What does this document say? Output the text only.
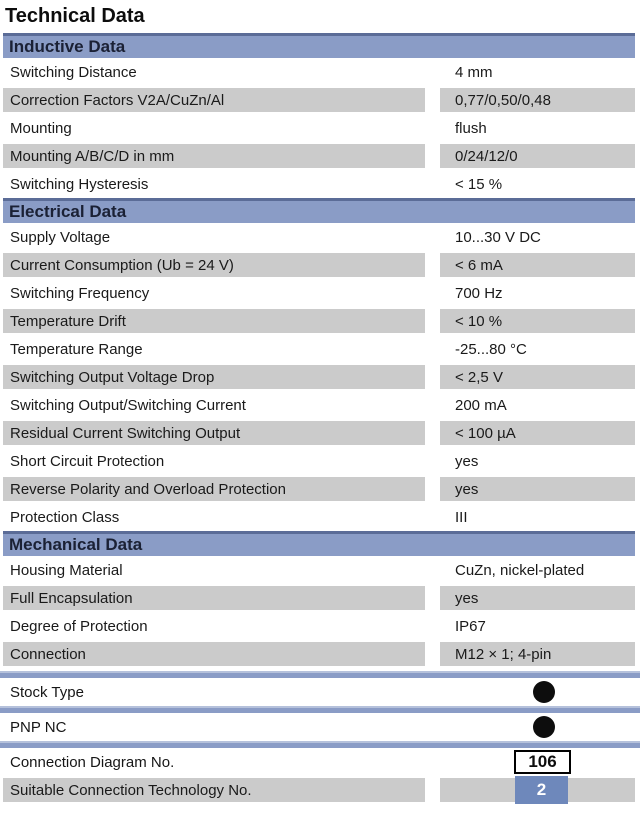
Technical Data
Inductive Data
Switching Distance	4 mm
Correction Factors V2A/CuZn/Al	0,77/0,50/0,48
Mounting	flush
Mounting A/B/C/D in mm	0/24/12/0
Switching Hysteresis	< 15 %
Electrical Data
Supply Voltage	10...30 V DC
Current Consumption (Ub = 24 V)	< 6 mA
Switching Frequency	700 Hz
Temperature Drift	< 10 %
Temperature Range	-25...80 °C
Switching Output Voltage Drop	< 2,5 V
Switching Output/Switching Current	200 mA
Residual Current Switching Output	< 100 µA
Short Circuit Protection	yes
Reverse Polarity and Overload Protection	yes
Protection Class	III
Mechanical Data
Housing Material	CuZn, nickel-plated
Full Encapsulation	yes
Degree of Protection	IP67
Connection	M12 × 1; 4-pin
Stock Type
PNP NC
Connection Diagram No.	106
Suitable Connection Technology No.	2
